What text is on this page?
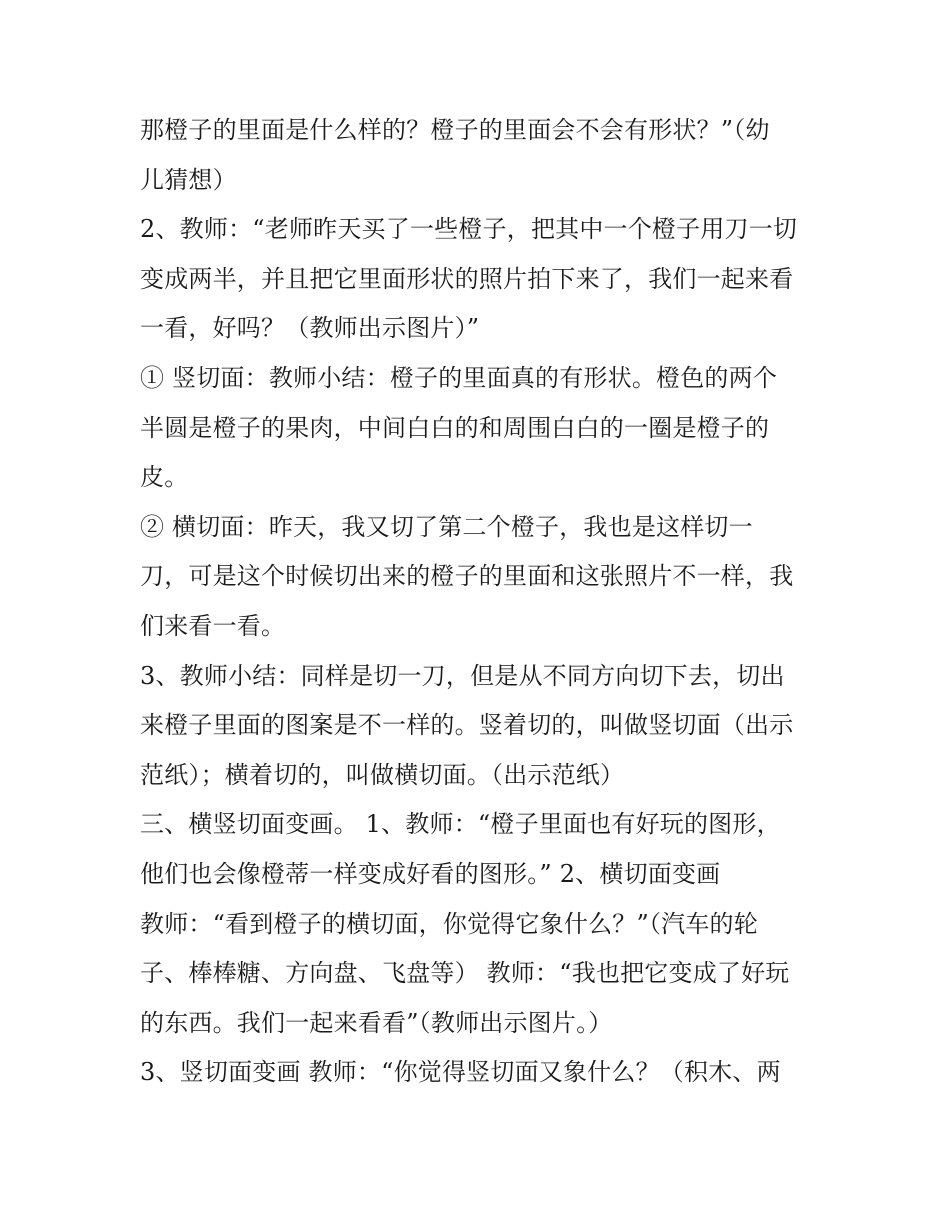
那橙子的里面是什么样的？橙子的里面会不会有形状？”（幼
儿猜想）
2、教师：“老师昨天买了一些橙子，把其中一个橙子用刀一切
变成两半，并且把它里面形状的照片拍下来了，我们一起来看
一看，好吗？（教师出示图片）”
① 竖切面：教师小结：橙子的里面真的有形状。橙色的两个
半圆是橙子的果肉，中间白白的和周围白白的一圈是橙子的
皮。
② 横切面：昨天，我又切了第二个橙子，我也是这样切一
刀，可是这个时候切出来的橙子的里面和这张照片不一样，我
们来看一看。
3、教师小结：同样是切一刀，但是从不同方向切下去，切出
来橙子里面的图案是不一样的。竖着切的，叫做竖切面（出示
范纸）；横着切的，叫做横切面。（出示范纸）
三、横竖切面变画。 1、教师：“橙子里面也有好玩的图形，
他们也会像橙蒂一样变成好看的图形。” 2、横切面变画
教师：“看到橙子的横切面，你觉得它象什么？”（汽车的轮
子、棒棒糖、方向盘、飞盘等） 教师：“我也把它变成了好玩
的东西。我们一起来看看”（教师出示图片。）
3、竖切面变画 教师：“你觉得竖切面又象什么？（积木、两
